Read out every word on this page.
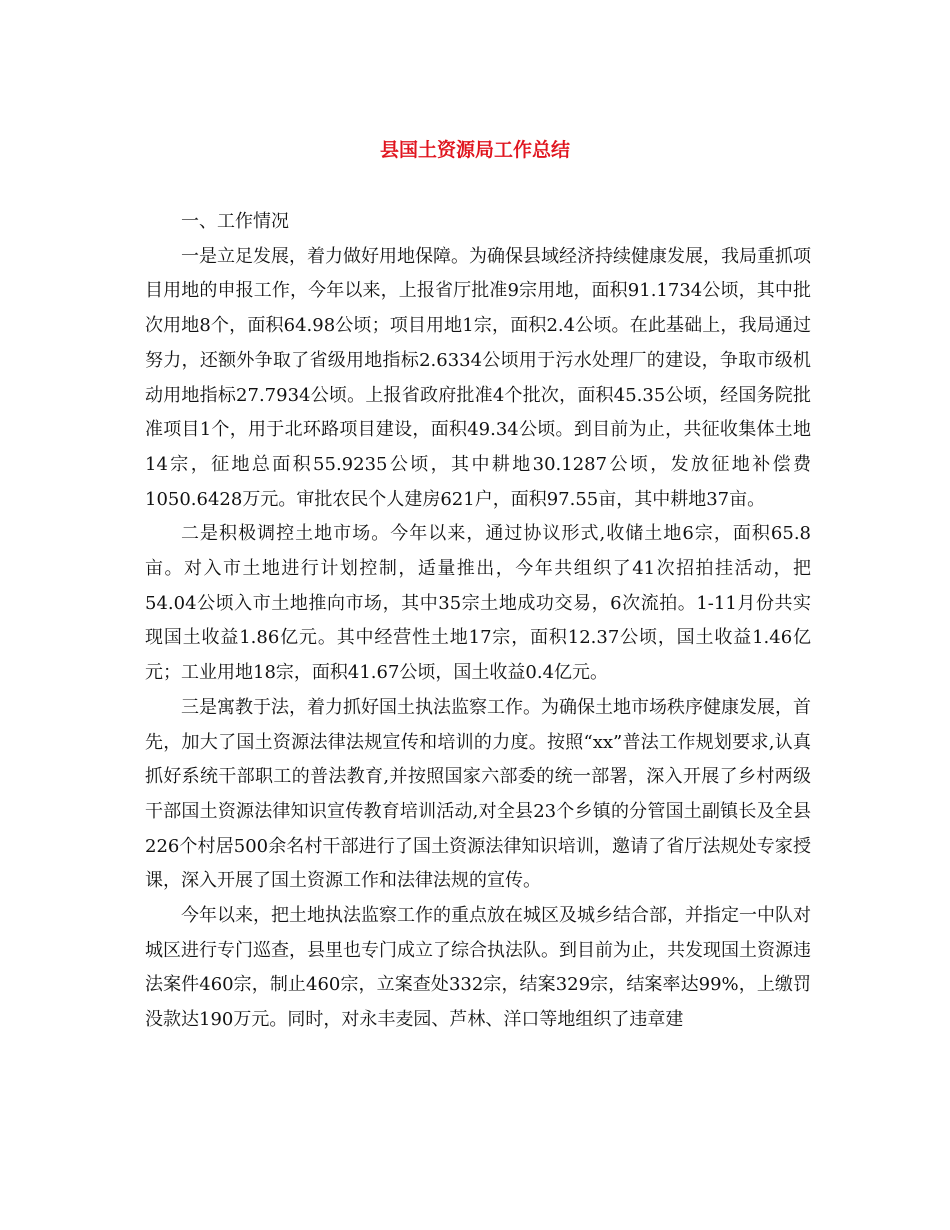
县国土资源局工作总结

一、工作情况

一是立足发展，着力做好用地保障。为确保县域经济持续健康发展，我局重抓项目用地的申报工作，今年以来，上报省厅批准9宗用地，面积91.1734公顷，其中批次用地8个，面积64.98公顷；项目用地1宗，面积2.4公顷。在此基础上，我局通过努力，还额外争取了省级用地指标2.6334公顷用于污水处理厂的建设，争取市级机动用地指标27.7934公顷。上报省政府批准4个批次，面积45.35公顷，经国务院批准项目1个，用于北环路项目建设，面积49.34公顷。到目前为止，共征收集体土地14宗，征地总面积55.9235公顷，其中耕地30.1287公顷，发放征地补偿费1050.6428万元。审批农民个人建房621户，面积97.55亩，其中耕地37亩。

二是积极调控土地市场。今年以来，通过协议形式,收储土地6宗，面积65.8亩。对入市土地进行计划控制，适量推出，今年共组织了41次招拍挂活动，把54.04公顷入市土地推向市场，其中35宗土地成功交易，6次流拍。1-11月份共实现国土收益1.86亿元。其中经营性土地17宗，面积12.37公顷，国土收益1.46亿元；工业用地18宗，面积41.67公顷，国土收益0.4亿元。

三是寓教于法，着力抓好国土执法监察工作。为确保土地市场秩序健康发展，首先，加大了国土资源法律法规宣传和培训的力度。按照“xx”普法工作规划要求,认真抓好系统干部职工的普法教育,并按照国家六部委的统一部署，深入开展了乡村两级干部国土资源法律知识宣传教育培训活动,对全县23个乡镇的分管国土副镇长及全县226个村居500余名村干部进行了国土资源法律知识培训，邀请了省厅法规处专家授课，深入开展了国土资源工作和法律法规的宣传。

今年以来，把土地执法监察工作的重点放在城区及城乡结合部，并指定一中队对城区进行专门巡查，县里也专门成立了综合执法队。到目前为止，共发现国土资源违法案件460宗，制止460宗，立案查处332宗，结案329宗，结案率达99%，上缴罚没款达190万元。同时，对永丰麦园、芦林、洋口等地组织了违章建
